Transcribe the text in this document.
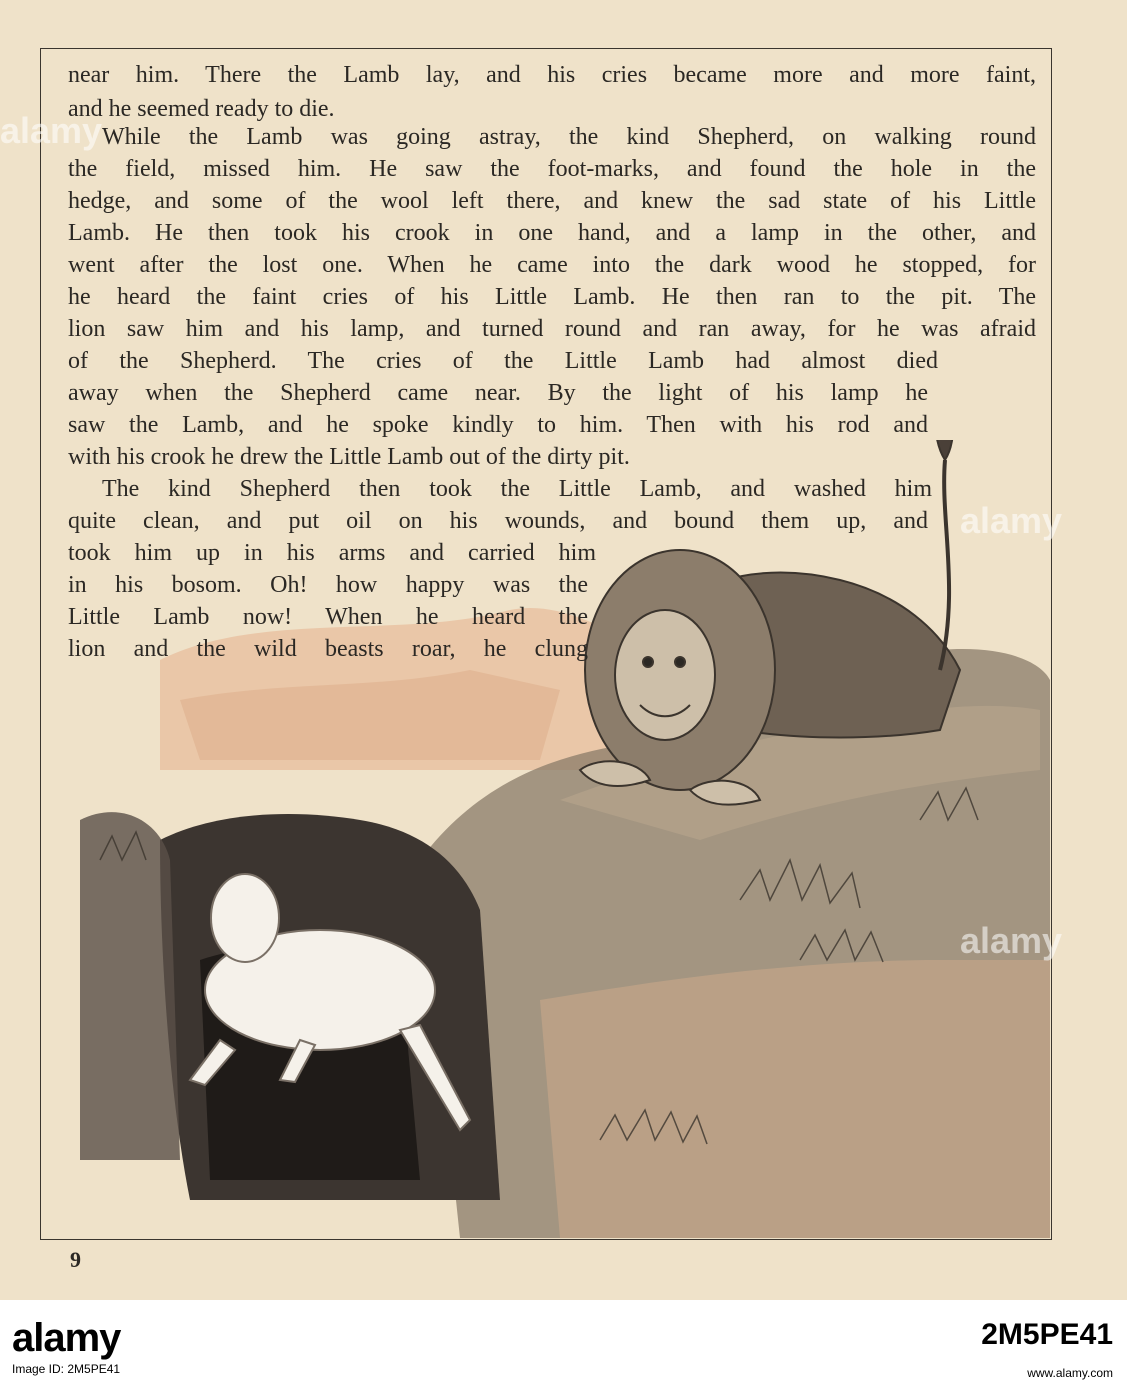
near him. There the Lamb lay, and his cries became more and more faint,
and he seemed ready to die.
While the Lamb was going astray, the kind Shepherd, on walking round
the field, missed him. He saw the foot-marks, and found the hole in the
hedge, and some of the wool left there, and knew the sad state of his Little
Lamb. He then took his crook in one hand, and a lamp in the other, and
went after the lost one. When he came into the dark wood he stopped, for
he heard the faint cries of his Little Lamb. He then ran to the pit. The
lion saw him and his lamp, and turned round and ran away, for he was afraid
of the Shepherd. The cries of the Little Lamb had almost died
away when the Shepherd came near. By the light of his lamp he
saw the Lamb, and he spoke kindly to him. Then with his rod and
with his crook he drew the Little Lamb out of the dirty pit.
The kind Shepherd then took the Little Lamb, and washed him
quite clean, and put oil on his wounds, and bound them up, and
took him up in his arms and carried him
in his bosom. Oh! how happy was the
Little Lamb now! When he heard the
lion and the wild beasts roar, he clung
9
alamy
alamy
alamy
alamy
Image ID: 2M5PE41
2M5PE41
www.alamy.com
